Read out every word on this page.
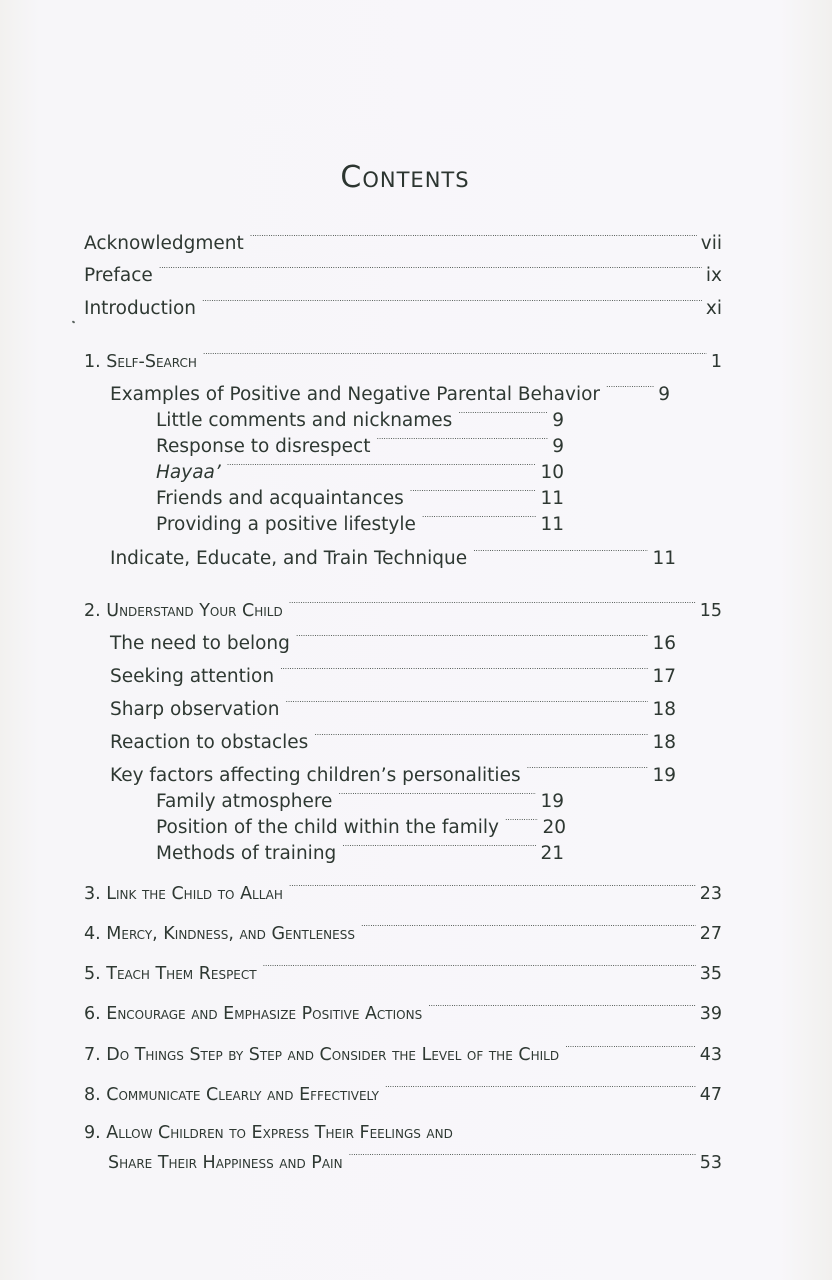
Contents
Acknowledgment . . .	vii
Preface . . .	ix
Introduction . . .	xi
1. Self-Search . . .	1
Examples of Positive and Negative Parental Behavior . . .	9
Little comments and nicknames . . .	9
Response to disrespect . . .	9
Hayaa’ . . .	10
Friends and acquaintances . . .	11
Providing a positive lifestyle . . .	11
Indicate, Educate, and Train Technique . . .	11
2. Understand Your Child . . .	15
The need to belong . . .	16
Seeking attention . . .	17
Sharp observation . . .	18
Reaction to obstacles . . .	18
Key factors affecting children’s personalities . . .	19
Family atmosphere . . .	19
Position of the child within the family . . .	20
Methods of training . . .	21
3. Link the Child to Allah . . .	23
4. Mercy, Kindness, and Gentleness . . .	27
5. Teach Them Respect . . .	35
6. Encourage and Emphasize Positive Actions . . .	39
7. Do Things Step by Step and Consider the Level of the Child . . .	43
8. Communicate Clearly and Effectively . . .	47
9. Allow Children to Express Their Feelings and
Share Their Happiness and Pain . . .	53
